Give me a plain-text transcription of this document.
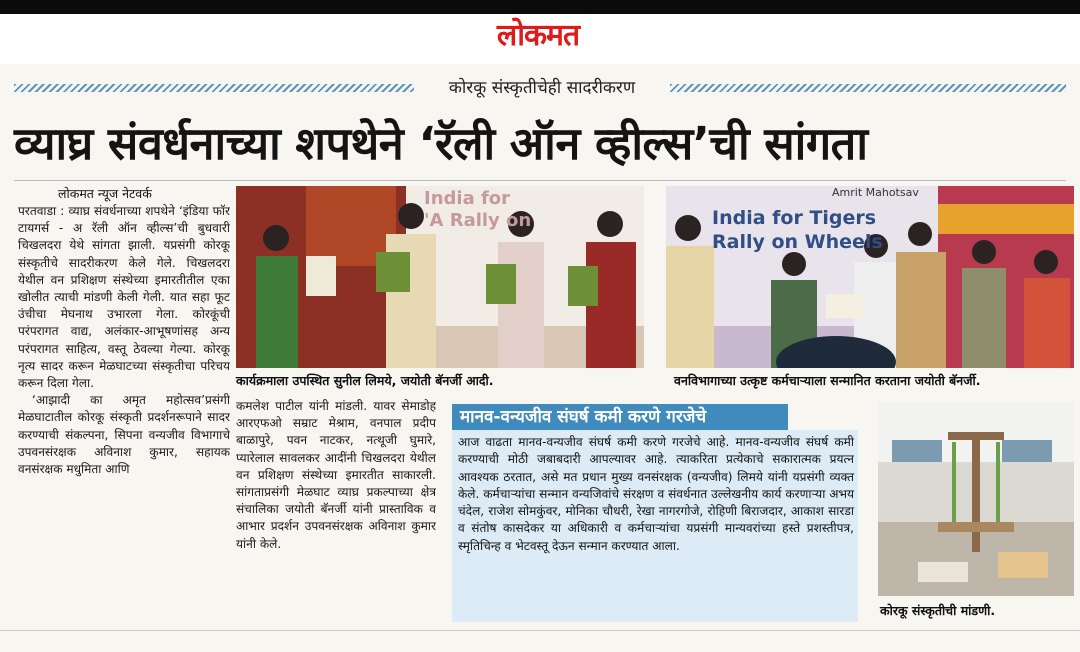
लोकमत
कोरकू संस्कृतीचेही सादरीकरण
व्याघ्र संवर्धनाच्या शपथेने ‘रॅली ऑन व्हील्स’ची सांगता
लोकमत न्यूज नेटवर्क

परतवाडा : व्याघ्र संवर्धनाच्या शपथेने ‘इंडिया फॉर टायगर्स - अ रॅली ऑन व्हील्स’ची बुधवारी चिखलदरा येथे सांगता झाली. यप्रसंगी कोरकू संस्कृतीचे सादरीकरण केले गेले. चिखलदरा येथील वन प्रशिक्षण संस्थेच्या इमारतीतील एका खोलीत त्याची मांडणी केली गेली. यात सहा फूट उंचीचा मेघनाथ उभारला गेला. कोरकूंची परंपरागत वाद्य, अलंकार-आभूषणांसह अन्य परंपरागत साहित्य, वस्तू ठेवल्या गेल्या. कोरकू नृत्य सादर करून मेळघाटच्या संस्कृतीचा परिचय करून दिला गेला.

‘आझादी का अमृत महोत्सव’प्रसंगी मेळघाटातील कोरकू संस्कृती प्रदर्शनरूपाने सादर करण्याची संकल्पना, सिपना वन्यजीव विभागाचे उपवनसंरक्षक अविनाश कुमार, सहायक वनसंरक्षक मधुमिता आणि

कमलेश पाटील यांनी मांडली. यावर सेमाडोह आरएफओ सम्राट मेश्राम, वनपाल प्रदीप बाळापुरे, पवन नाटकर, नत्थूजी घुमारे, प्यारेलाल सावलकर आदींनी चिखलदरा येथील वन प्रशिक्षण संस्थेच्या इमारतीत साकारली. सांगताप्रसंगी मेळघाट व्याघ्र प्रकल्पाच्या क्षेत्र संचालिका जयोती बॅनर्जी यांनी प्रास्ताविक व आभार प्रदर्शन उपवनसंरक्षक अविनाश कुमार यांनी केले.
India for
'A Rally on
कार्यक्रमाला उपस्थित सुनील लिमये, जयोती बॅनर्जी आदी.
Amrit Mahotsav
India for Tigers
Rally on Wheels
वनविभागाच्या उत्कृष्ट कर्मचाऱ्याला सन्मानित करताना जयोती बॅनर्जी.
कोरकू संस्कृतीची मांडणी.
मानव-वन्यजीव संघर्ष कमी करणे गरजेचे
आज वाढता मानव-वन्यजीव संघर्ष कमी करणे गरजेचे आहे. मानव-वन्यजीव संघर्ष कमी करण्याची मोठी जबाबदारी आपल्यावर आहे. त्याकरिता प्रत्येकाचे सकारात्मक प्रयत्न आवश्यक ठरतात, असे मत प्रधान मुख्य वनसंरक्षक (वन्यजीव) लिमये यांनी यप्रसंगी व्यक्त केले. कर्मचाऱ्यांचा सन्मान वन्यजिवांचे संरक्षण व संवर्धनात उल्लेखनीय कार्य करणाऱ्या अभय चंदेल, राजेश सोमकुंवर, मोनिका चौधरी, रेखा नागरगोजे, रोहिणी बिराजदार, आकाश सारडा व संतोष कासदेकर या अधिकारी व कर्मचाऱ्यांचा यप्रसंगी मान्यवरांच्या हस्ते प्रशस्तीपत्र, स्मृतिचिन्ह व भेटवस्तू देऊन सन्मान करण्यात आला.
